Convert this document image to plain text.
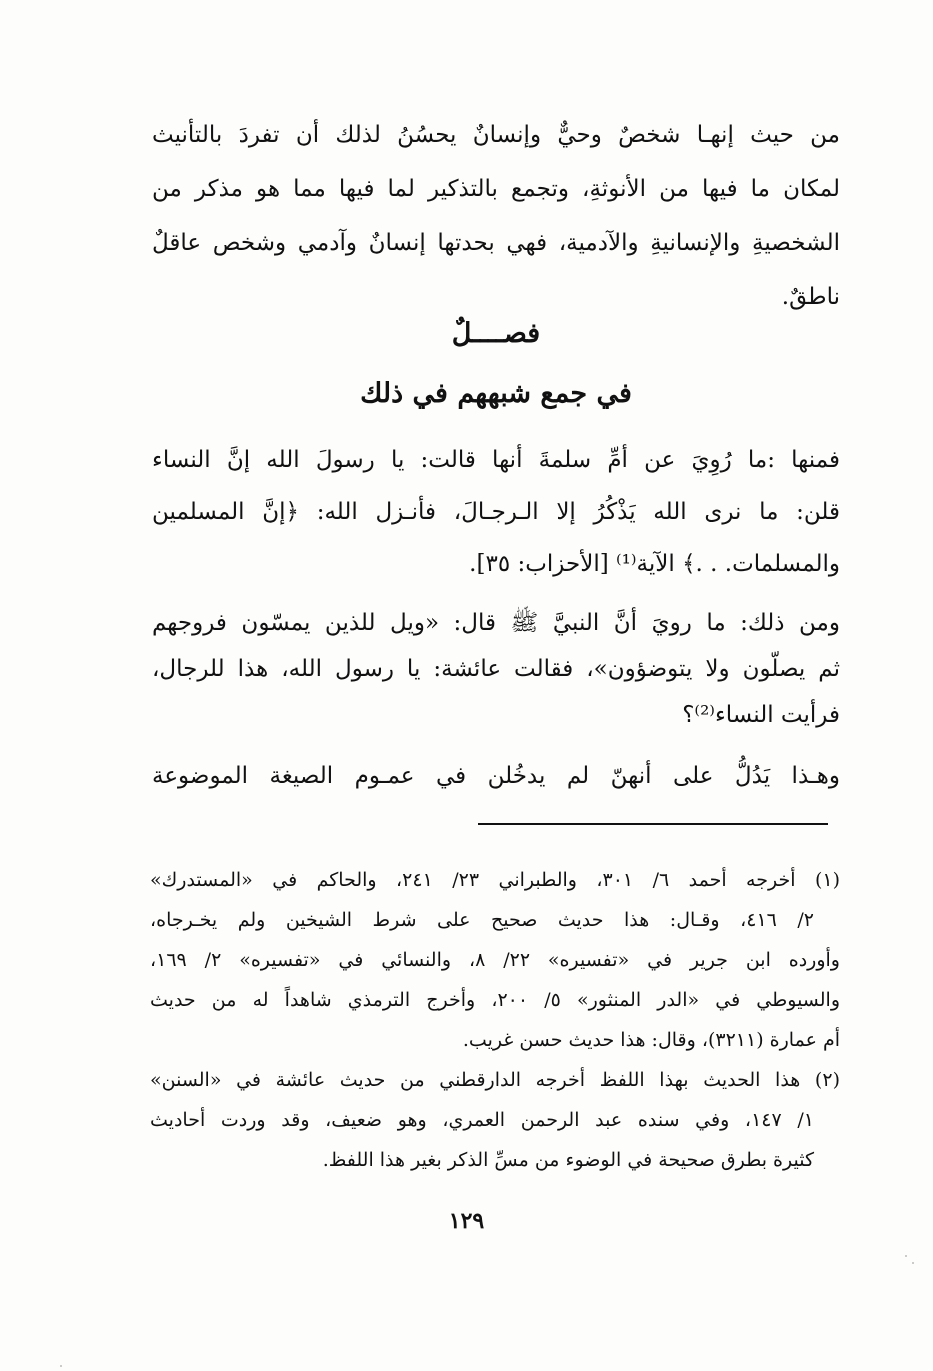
من حيث إنهـا شخصٌ وحيٌّ وإنسانٌ يحسُنُ لذلك أن تفردَ بالتأنيث
لمكان ما فيها من الأنوثةِ، وتجمع بالتذكير لما فيها مما هو مذكر من
الشخصيةِ والإنسانيةِ والآدمية، فهي بحدتها إنسانٌ وآدمي وشخص عاقلٌ
ناطقٌ.
فصــــلٌ
في جمع شبههم في ذلك
فمنها :ما رُوِيَ عن أمِّ سلمةَ أنها قالت: يا رسولَ الله إنَّ النساء
قلن: ما نرى الله يَذْكُرُ إلا الـرجـالَ، فأنـزل الله: ﴿إنَّ المسلمين
والمسلمات. . .﴾ الآية⁽¹⁾ [الأحزاب: ٣٥].
ومن ذلك: ما رويَ أنَّ النبيَّ ﷺ قال: «ويل للذين يمسّون فروجهم
ثم يصلّون ولا يتوضؤون»، فقالت عائشة: يا رسول الله، هذا للرجال،
فرأيت النساء⁽²⁾؟
وهـذا يَدُلُّ على أنهنّ لم يدخُلن في عمـوم الصيغة الموضوعة
(١) أخرجه أحمد ٦/ ٣٠١، والطبراني ٢٣/ ٢٤١، والحاكم في «المستدرك»
٢/ ٤١٦، وقـال: هذا حديث صحيح على شرط الشيخين ولم يخـرجاه،
وأورده ابن جرير في «تفسيره» ٢٢/ ٨، والنسائي في «تفسيره» ٢/ ١٦٩،
والسيوطي في «الدر المنثور» ٥/ ٢٠٠، وأخرج الترمذي شاهداً له من حديث
أم عمارة (٣٢١١)، وقال: هذا حديث حسن غريب.
(٢) هذا الحديث بهذا اللفظ أخرجه الدارقطني من حديث عائشة في «السنن»
١/ ١٤٧، وفي سنده عبد الرحمن العمري، وهو ضعيف، وقد وردت أحاديث
كثيرة بطرق صحيحة في الوضوء من مسِّ الذكر بغير هذا اللفظ.
١٢٩
